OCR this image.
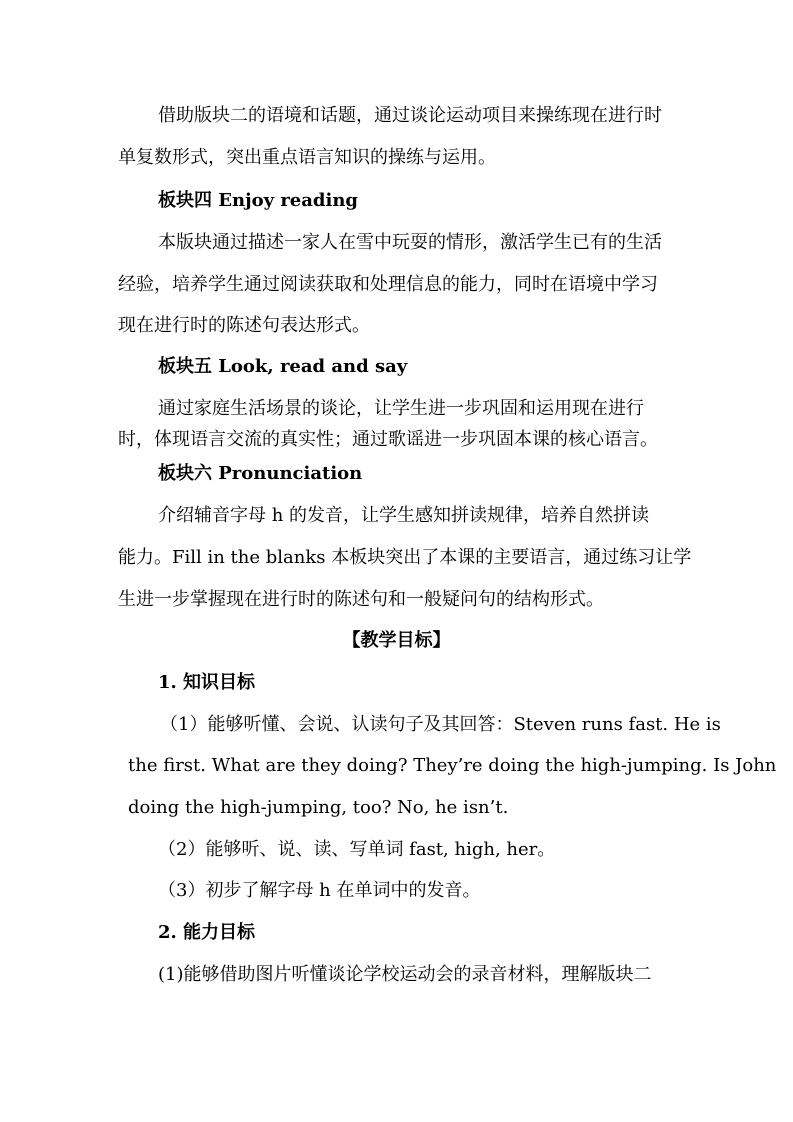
借助版块二的语境和话题，通过谈论运动项目来操练现在进行时
单复数形式，突出重点语言知识的操练与运用。
板块四 Enjoy reading
本版块通过描述一家人在雪中玩耍的情形，激活学生已有的生活
经验，培养学生通过阅读获取和处理信息的能力，同时在语境中学习
现在进行时的陈述句表达形式。
板块五 Look, read and say
通过家庭生活场景的谈论，让学生进一步巩固和运用现在进行
时，体现语言交流的真实性；通过歌谣进一步巩固本课的核心语言。
板块六 Pronunciation
介绍辅音字母 h 的发音，让学生感知拼读规律，培养自然拼读
能力。Fill in the blanks 本板块突出了本课的主要语言，通过练习让学
生进一步掌握现在进行时的陈述句和一般疑问句的结构形式。
【教学目标】
1. 知识目标
（1）能够听懂、会说、认读句子及其回答：Steven runs fast. He is
the first. What are they doing? They’re doing the high-jumping. Is John
doing the high-jumping, too? No, he isn’t.
（2）能够听、说、读、写单词 fast, high, her。
（3）初步了解字母 h 在单词中的发音。
2. 能力目标
(1)能够借助图片听懂谈论学校运动会的录音材料，理解版块二
